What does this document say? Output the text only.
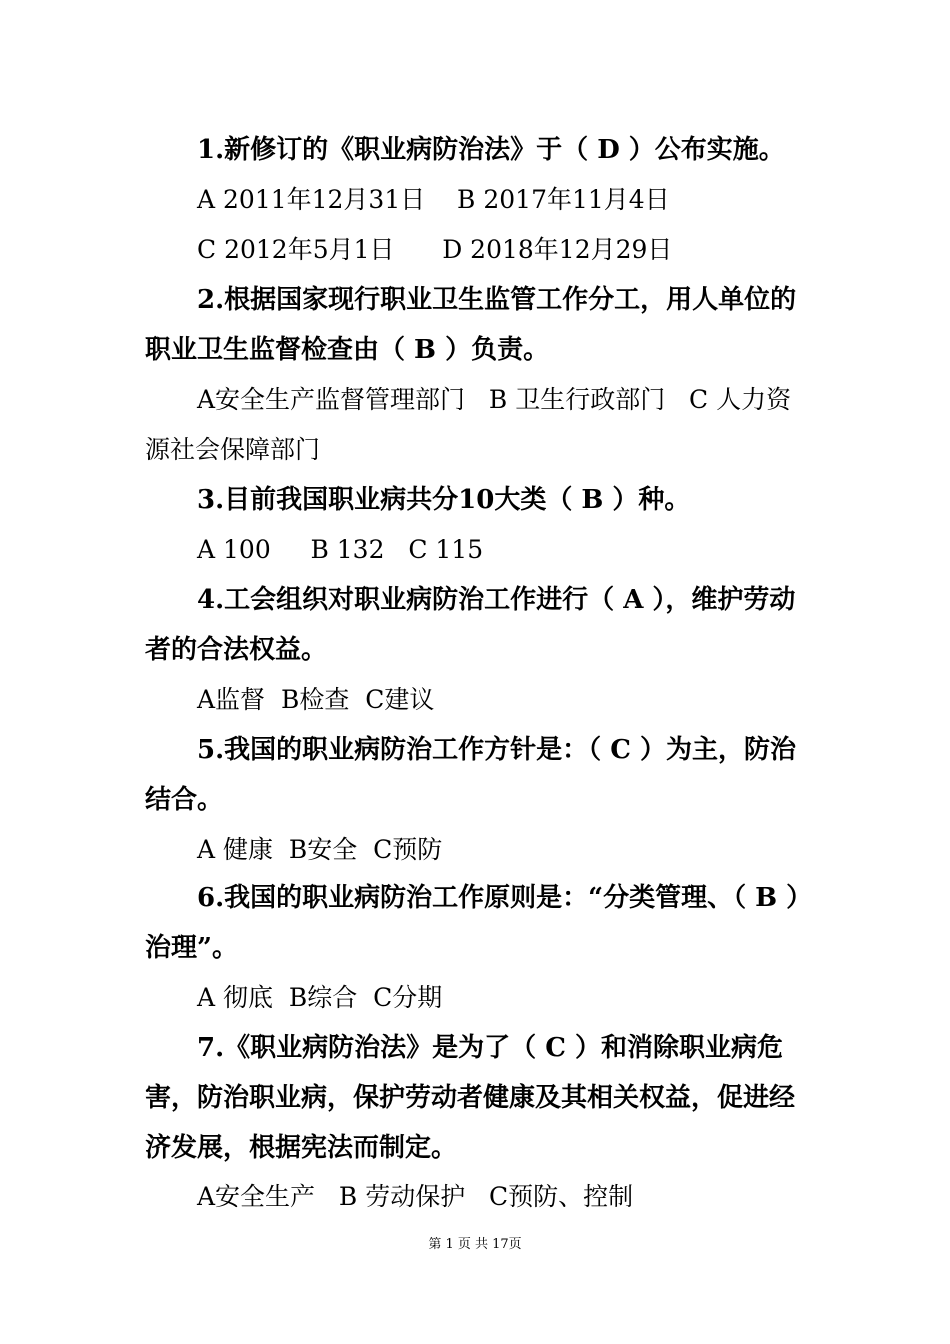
1.新修订的《职业病防治法》于（ D ）公布实施。

A 2011年12月31日    B 2017年11月4日

C 2012年5月1日      D 2018年12月29日

2.根据国家现行职业卫生监管工作分工，用人单位的职业卫生监督检查由（ B ）负责。

A安全生产监督管理部门   B 卫生行政部门   C 人力资源社会保障部门

3.目前我国职业病共分10大类（ B ）种。

A 100     B 132   C 115

4.工会组织对职业病防治工作进行（ A ），维护劳动者的合法权益。

A监督  B检查  C建议

5.我国的职业病防治工作方针是：（ C ）为主，防治结合。

A 健康  B安全  C预防

6.我国的职业病防治工作原则是：“分类管理、（ B ）治理”。

A 彻底  B综合  C分期

7.《职业病防治法》是为了（ C ）和消除职业病危害，防治职业病，保护劳动者健康及其相关权益，促进经济发展，根据宪法而制定。

A安全生产   B 劳动保护   C预防、控制

第 1 页 共 17页
